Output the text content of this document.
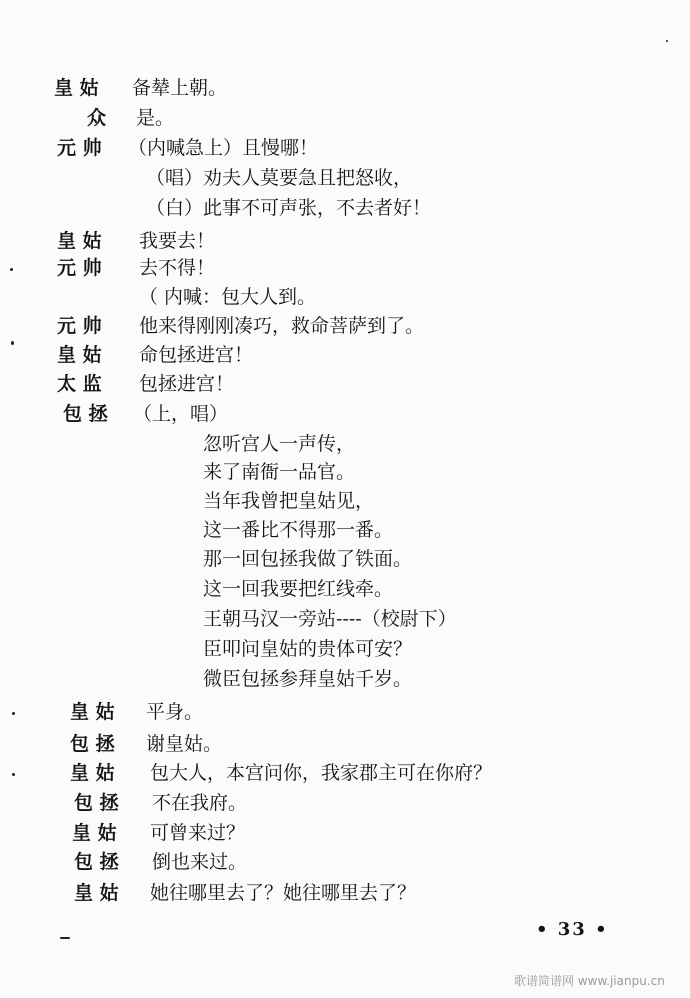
皇 姑 备辇上朝。
众 是。
元 帅 （内喊急上）且慢哪！
（唱）劝夫人莫要急且把怒收，
（白）此事不可声张，不去者好！
皇 姑 我要去！
元 帅 去不得！
（ 内喊：包大人到。
元 帅 他来得刚刚凑巧，救命菩萨到了。
皇 姑 命包拯进宫！
太 监 包拯进宫！
包 拯 （上，唱）
忽听宫人一声传，
来了南衙一品官。
当年我曾把皇姑见，
这一番比不得那一番。
那一回包拯我做了铁面。
这一回我要把红线牵。
王朝马汉一旁站----（校尉下）
臣叩问皇姑的贵体可安？
微臣包拯参拜皇姑千岁。
皇 姑 平身。
包 拯 谢皇姑。
皇 姑 包大人，本宫问你，我家郡主可在你府？
包 拯 不在我府。
皇 姑 可曾来过？
包 拯 倒也来过。
皇 姑 她往哪里去了？她往哪里去了？
• 33 •
歌谱简谱网 www.jianpu.cn
